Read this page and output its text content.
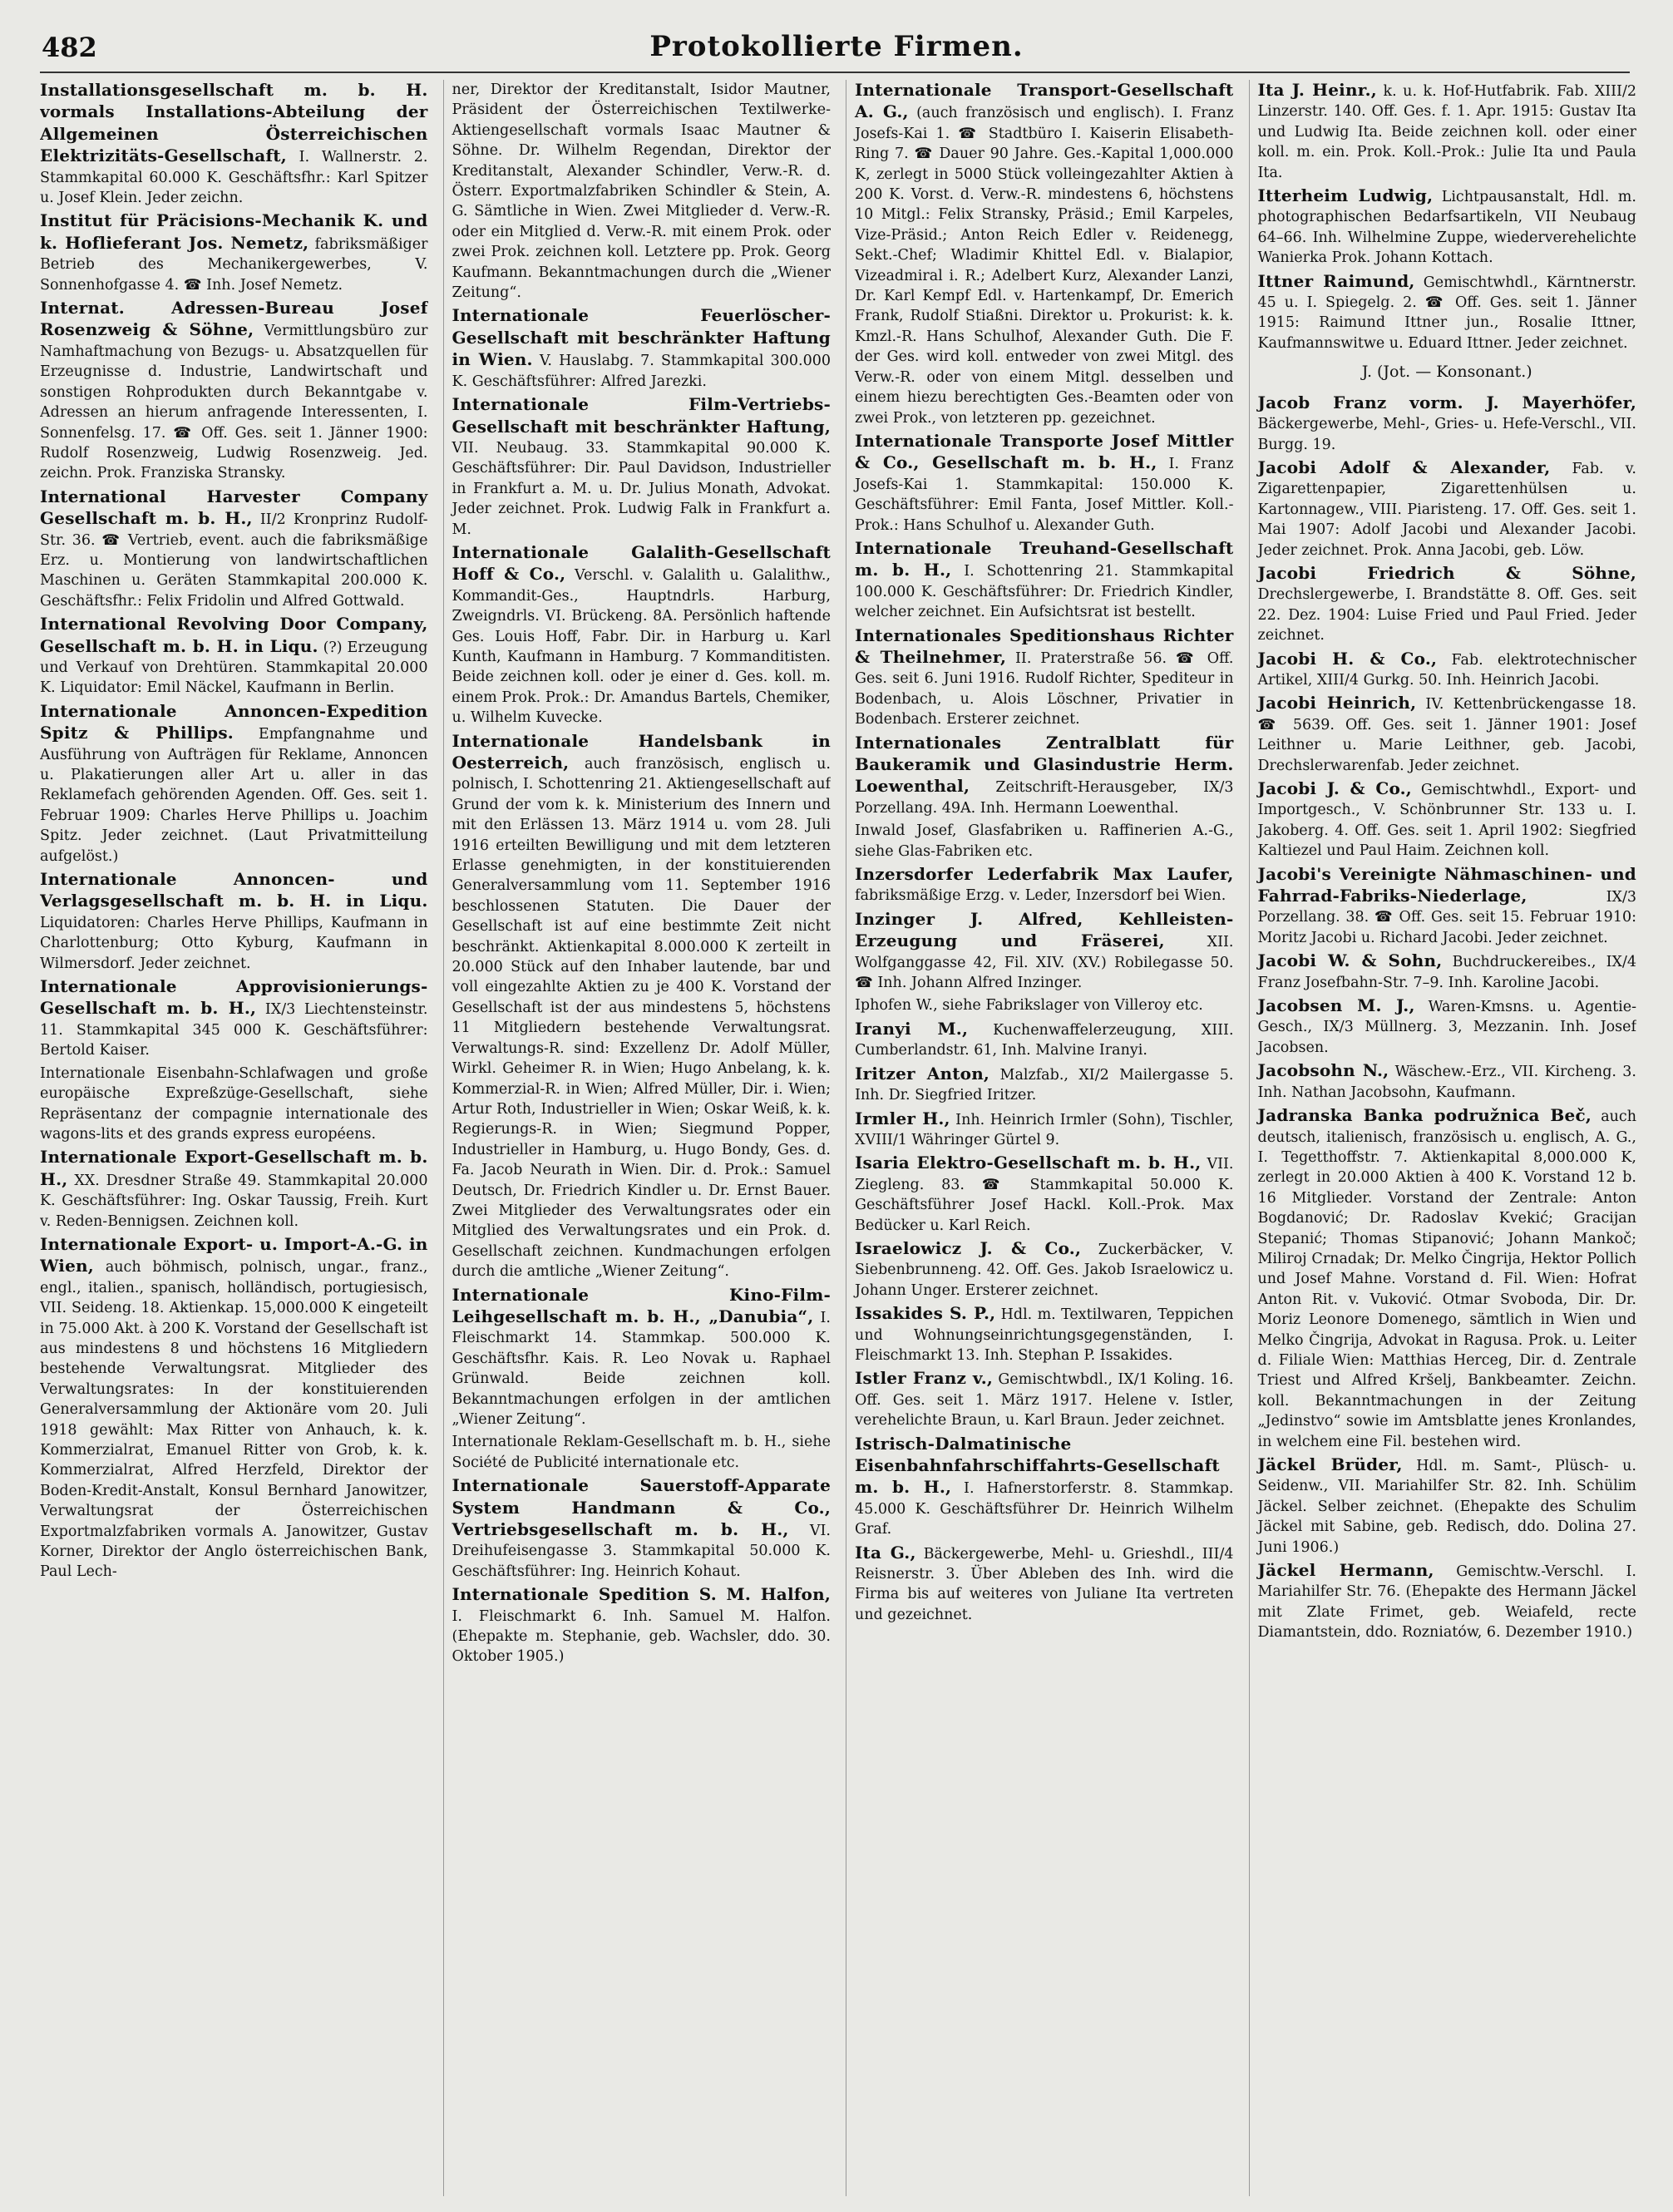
482	Protokollierte Firmen.
Installationsgesellschaft m. b. H. vormals Installations-Abteilung der Allgemeinen Österreichischen Elektrizitäts-Gesellschaft, I. Wallnerstr. 2. Stammkapital 60.000 K. Geschäftsfhr.: Karl Spitzer u. Josef Klein. Jeder zeichn.
Institut für Präcisions-Mechanik K. und k. Hoflieferant Jos. Nemetz, fabriksmäßiger Betrieb des Mechanikergewerbes, V. Sonnenhofgasse 4. ☎ Inh. Josef Nemetz.
Internat. Adressen-Bureau Josef Rosenzweig & Söhne, Vermittlungsbüro zur Namhaftmachung von Bezugs- u. Absatzquellen für Erzeugnisse d. Industrie, Landwirtschaft und sonstigen Rohprodukten durch Bekanntgabe v. Adressen an hierum anfragende Interessenten, I. Sonnenfelsg. 17. ☎ Off. Ges. seit 1. Jänner 1900: Rudolf Rosenzweig, Ludwig Rosenzweig. Jed. zeichn. Prok. Franziska Stransky.
International Harvester Company Gesellschaft m. b. H., II/2 Kronprinz Rudolf-Str. 36. ☎ Vertrieb, event. auch die fabriksmäßige Erz. u. Montierung von landwirtschaftlichen Maschinen u. Geräten Stammkapital 200.000 K. Geschäftsfhr.: Felix Fridolin und Alfred Gottwald.
International Revolving Door Company, Gesellschaft m. b. H. in Liqu. (?) Erzeugung und Verkauf von Drehtüren. Stammkapital 20.000 K. Liquidator: Emil Näckel, Kaufmann in Berlin.
Internationale Annoncen-Expedition Spitz & Phillips. Empfangnahme und Ausführung von Aufträgen für Reklame, Annoncen u. Plakatierungen aller Art u. aller in das Reklamefach gehörenden Agenden. Off. Ges. seit 1. Februar 1909: Charles Herve Phillips u. Joachim Spitz. Jeder zeichnet. (Laut Privatmitteilung aufgelöst.)
Internationale Annoncen- und Verlagsgesellschaft m. b. H. in Liqu. Liquidatoren: Charles Herve Phillips, Kaufmann in Charlottenburg; Otto Kyburg, Kaufmann in Wilmersdorf. Jeder zeichnet.
Internationale Approvisionierungs-Gesellschaft m. b. H., IX/3 Liechtensteinstr. 11. Stammkapital 345 000 K. Geschäftsführer: Bertold Kaiser.
Internationale Eisenbahn-Schlafwagen und große europäische Expreßzüge-Gesellschaft, siehe Repräsentanz der compagnie internationale des wagons-lits et des grands express européens.
Internationale Export-Gesellschaft m. b. H., XX. Dresdner Straße 49. Stammkapital 20.000 K. Geschäftsführer: Ing. Oskar Taussig, Freih. Kurt v. Reden-Bennigsen. Zeichnen koll.
Internationale Export- u. Import-A.-G. in Wien, auch böhmisch, polnisch, ungar., franz., engl., italien., spanisch, holländisch, portugiesisch, VII. Seideng. 18. Aktienkap. 15,000.000 K eingeteilt in 75.000 Akt. à 200 K. Vorstand der Gesellschaft ist aus mindestens 8 und höchstens 16 Mitgliedern bestehende Verwaltungsrat. Mitglieder des Verwaltungsrates: In der konstituierenden Generalversammlung der Aktionäre vom 20. Juli 1918 gewählt: Max Ritter von Anhauch, k. k. Kommerzialrat, Emanuel Ritter von Grob, k. k. Kommerzialrat, Alfred Herzfeld, Direktor der Boden-Kredit-Anstalt, Konsul Bernhard Janowitzer, Verwaltungsrat der Österreichischen Exportmalzfabriken vormals A. Janowitzer, Gustav Korner, Direktor der Anglo österreichischen Bank, Paul Lech-
ner, Direktor der Kreditanstalt, Isidor Mautner, Präsident der Österreichischen Textilwerke-Aktiengesellschaft vormals Isaac Mautner & Söhne. Dr. Wilhelm Regendan, Direktor der Kreditanstalt, Alexander Schindler, Verw.-R. d. Österr. Exportmalzfabriken Schindler & Stein, A. G. Sämtliche in Wien. Zwei Mitglieder d. Verw.-R. oder ein Mitglied d. Verw.-R. mit einem Prok. oder zwei Prok. zeichnen koll. Letztere pp. Prok. Georg Kaufmann. Bekanntmachungen durch die „Wiener Zeitung“.
Internationale Feuerlöscher-Gesellschaft mit beschränkter Haftung in Wien. V. Hauslabg. 7. Stammkapital 300.000 K. Geschäftsführer: Alfred Jarezki.
Internationale Film-Vertriebs-Gesellschaft mit beschränkter Haftung, VII. Neubaug. 33. Stammkapital 90.000 K. Geschäftsführer: Dir. Paul Davidson, Industrieller in Frankfurt a. M. u. Dr. Julius Monath, Advokat. Jeder zeichnet. Prok. Ludwig Falk in Frankfurt a. M.
Internationale Galalith-Gesellschaft Hoff & Co., Verschl. v. Galalith u. Galalithw., Kommandit-Ges., Hauptndrls. Harburg, Zweigndrls. VI. Brückeng. 8A. Persönlich haftende Ges. Louis Hoff, Fabr. Dir. in Harburg u. Karl Kunth, Kaufmann in Hamburg. 7 Kommanditisten. Beide zeichnen koll. oder je einer d. Ges. koll. m. einem Prok. Prok.: Dr. Amandus Bartels, Chemiker, u. Wilhelm Kuvecke.
Internationale Handelsbank in Oesterreich, auch französisch, englisch u. polnisch, I. Schottenring 21. Aktiengesellschaft auf Grund der vom k. k. Ministerium des Innern und mit den Erlässen 13. März 1914 u. vom 28. Juli 1916 erteilten Bewilligung und mit dem letzteren Erlasse genehmigten, in der konstituierenden Generalversammlung vom 11. September 1916 beschlossenen Statuten. Die Dauer der Gesellschaft ist auf eine bestimmte Zeit nicht beschränkt. Aktienkapital 8.000.000 K zerteilt in 20.000 Stück auf den Inhaber lautende, bar und voll eingezahlte Aktien zu je 400 K. Vorstand der Gesellschaft ist der aus mindestens 5, höchstens 11 Mitgliedern bestehende Verwaltungsrat. Verwaltungs-R. sind: Exzellenz Dr. Adolf Müller, Wirkl. Geheimer R. in Wien; Hugo Anbelang, k. k. Kommerzial-R. in Wien; Alfred Müller, Dir. i. Wien; Artur Roth, Industrieller in Wien; Oskar Weiß, k. k. Regierungs-R. in Wien; Siegmund Popper, Industrieller in Hamburg, u. Hugo Bondy, Ges. d. Fa. Jacob Neurath in Wien. Dir. d. Prok.: Samuel Deutsch, Dr. Friedrich Kindler u. Dr. Ernst Bauer. Zwei Mitglieder des Verwaltungsrates oder ein Mitglied des Verwaltungsrates und ein Prok. d. Gesellschaft zeichnen. Kundmachungen erfolgen durch die amtliche „Wiener Zeitung“.
Internationale Kino-Film-Leihgesellschaft m. b. H., „Danubia“, I. Fleischmarkt 14. Stammkap. 500.000 K. Geschäftsfhr. Kais. R. Leo Novak u. Raphael Grünwald. Beide zeichnen koll. Bekanntmachungen erfolgen in der amtlichen „Wiener Zeitung“.
Internationale Reklam-Gesellschaft m. b. H., siehe Société de Publicité internationale etc.
Internationale Sauerstoff-Apparate System Handmann & Co., Vertriebsgesellschaft m. b. H., VI. Dreihufeisengasse 3. Stammkapital 50.000 K. Geschäftsführer: Ing. Heinrich Kohaut.
Internationale Spedition S. M. Halfon, I. Fleischmarkt 6. Inh. Samuel M. Halfon. (Ehepakte m. Stephanie, geb. Wachsler, ddo. 30. Oktober 1905.)
Internationale Transport-Gesellschaft A. G., (auch französisch und englisch). I. Franz Josefs-Kai 1. ☎ Stadtbüro I. Kaiserin Elisabeth-Ring 7. ☎ Dauer 90 Jahre. Ges.-Kapital 1,000.000 K, zerlegt in 5000 Stück volleingezahlter Aktien à 200 K. Vorst. d. Verw.-R. mindestens 6, höchstens 10 Mitgl.: Felix Stransky, Präsid.; Emil Karpeles, Vize-Präsid.; Anton Reich Edler v. Reidenegg, Sekt.-Chef; Wladimir Khittel Edl. v. Bialapior, Vizeadmiral i. R.; Adelbert Kurz, Alexander Lanzi, Dr. Karl Kempf Edl. v. Hartenkampf, Dr. Emerich Frank, Rudolf Stiaßni. Direktor u. Prokurist: k. k. Kmzl.-R. Hans Schulhof, Alexander Guth. Die F. der Ges. wird koll. entweder von zwei Mitgl. des Verw.-R. oder von einem Mitgl. desselben und einem hiezu berechtigten Ges.-Beamten oder von zwei Prok., von letzteren pp. gezeichnet.
Internationale Transporte Josef Mittler & Co., Gesellschaft m. b. H., I. Franz Josefs-Kai 1. Stammkapital: 150.000 K. Geschäftsführer: Emil Fanta, Josef Mittler. Koll.-Prok.: Hans Schulhof u. Alexander Guth.
Internationale Treuhand-Gesellschaft m. b. H., I. Schottenring 21. Stammkapital 100.000 K. Geschäftsführer: Dr. Friedrich Kindler, welcher zeichnet. Ein Aufsichtsrat ist bestellt.
Internationales Speditionshaus Richter & Theilnehmer, II. Praterstraße 56. ☎ Off. Ges. seit 6. Juni 1916. Rudolf Richter, Spediteur in Bodenbach, u. Alois Löschner, Privatier in Bodenbach. Ersterer zeichnet.
Internationales Zentralblatt für Baukeramik und Glasindustrie Herm. Loewenthal, Zeitschrift-Herausgeber, IX/3 Porzellang. 49A. Inh. Hermann Loewenthal.
Inwald Josef, Glasfabriken u. Raffinerien A.-G., siehe Glas-Fabriken etc.
Inzersdorfer Lederfabrik Max Laufer, fabriksmäßige Erzg. v. Leder, Inzersdorf bei Wien.
Inzinger J. Alfred, Kehlleisten-Erzeugung und Fräserei,	XII. Wolfganggasse 42, Fil. XIV. (XV.) Robilegasse 50. ☎ Inh. Johann Alfred Inzinger.
Iphofen W., siehe Fabrikslager von Villeroy etc.
Iranyi M., Kuchenwaffelerzeugung, XIII. Cumberlandstr. 61, Inh. Malvine Iranyi.
Iritzer Anton, Malzfab., XI/2 Mailergasse 5. Inh. Dr. Siegfried Iritzer.
Irmler H., Inh. Heinrich Irmler (Sohn), Tischler, XVIII/1 Währinger Gürtel 9.
Isaria Elektro-Gesellschaft m. b. H., VII. Ziegleng. 83. ☎ Stammkapital 50.000 K. Geschäftsführer Josef Hackl. Koll.-Prok. Max Bedücker u. Karl Reich.
Israelowicz J. & Co., Zuckerbäcker, V. Siebenbrunneng. 42. Off. Ges. Jakob Israelowicz u. Johann Unger. Ersterer zeichnet.
Issakides S. P., Hdl. m. Textilwaren, Teppichen und Wohnungseinrichtungsgegenständen, I. Fleischmarkt 13. Inh. Stephan P. Issakides.
Istler Franz v., Gemischtwbdl., IX/1 Koling. 16. Off. Ges. seit 1. März 1917. Helene v. Istler, verehelichte Braun, u. Karl Braun. Jeder zeichnet.
Istrisch-Dalmatinische Eisenbahnfahrschiffahrts-Gesellschaft m. b. H., I. Hafnerstorferstr. 8. Stammkap. 45.000 K. Geschäftsführer Dr. Heinrich Wilhelm Graf.
Ita G., Bäckergewerbe, Mehl- u. Grieshdl., III/4 Reisnerstr. 3. Über Ableben des Inh. wird die Firma bis auf weiteres von Juliane Ita vertreten und gezeichnet.
Ita J. Heinr., k. u. k. Hof-Hutfabrik. Fab. XIII/2 Linzerstr. 140. Off. Ges. f. 1. Apr. 1915: Gustav Ita und Ludwig Ita. Beide zeichnen koll. oder einer koll. m. ein. Prok. Koll.-Prok.: Julie Ita und Paula Ita.
Itterheim Ludwig, Lichtpausanstalt, Hdl. m. photographischen Bedarfsartikeln, VII Neubaug 64–66. Inh. Wilhelmine Zuppe, wiederverehelichte Wanierka Prok. Johann Kottach.
Ittner Raimund, Gemischtwhdl., Kärntnerstr. 45 u. I. Spiegelg. 2. ☎ Off. Ges. seit 1. Jänner 1915: Raimund Ittner jun., Rosalie Ittner, Kaufmannswitwe u. Eduard Ittner. Jeder zeichnet.
J. (Jot. — Konsonant.)
Jacob Franz vorm. J. Mayerhöfer, Bäckergewerbe, Mehl-, Gries- u. Hefe-Verschl., VII. Burgg. 19.
Jacobi Adolf & Alexander, Fab. v. Zigarettenpapier, Zigarettenhülsen u. Kartonnagew., VIII. Piaristeng. 17. Off. Ges. seit 1. Mai 1907: Adolf Jacobi und Alexander Jacobi. Jeder zeichnet. Prok. Anna Jacobi, geb. Löw.
Jacobi Friedrich & Söhne, Drechslergewerbe, I. Brandstätte 8. Off. Ges. seit 22. Dez. 1904: Luise Fried und Paul Fried. Jeder zeichnet.
Jacobi H. & Co., Fab. elektrotechnischer Artikel, XIII/4 Gurkg. 50. Inh. Heinrich Jacobi.
Jacobi Heinrich, IV. Kettenbrückengasse 18. ☎ 5639. Off. Ges. seit 1. Jänner 1901: Josef Leithner u. Marie Leithner, geb. Jacobi, Drechslerwarenfab. Jeder zeichnet.
Jacobi J. & Co., Gemischtwhdl., Export- und Importgesch., V. Schönbrunner Str. 133 u. I. Jakoberg. 4. Off. Ges. seit 1. April 1902: Siegfried Kaltiezel und Paul Haim. Zeichnen koll.
Jacobi's Vereinigte Nähmaschinen- und Fahrrad-Fabriks-Niederlage,	IX/3 Porzellang. 38. ☎ Off. Ges. seit 15. Februar 1910: Moritz Jacobi u. Richard Jacobi. Jeder zeichnet.
Jacobi W. & Sohn, Buchdruckereibes., IX/4 Franz Josefbahn-Str. 7–9. Inh. Karoline Jacobi.
Jacobsen M. J., Waren-Kmsns. u. Agentie-Gesch., IX/3 Müllnerg. 3, Mezzanin. Inh. Josef Jacobsen.
Jacobsohn N., Wäschew.-Erz., VII. Kircheng. 3. Inh. Nathan Jacobsohn, Kaufmann.
Jadranska Banka podružnica Beč, auch deutsch, italienisch, französisch u. englisch, A. G., I. Tegetthoffstr. 7. Aktienkapital 8,000.000 K, zerlegt in 20.000 Aktien à 400 K. Vorstand 12 b. 16 Mitglieder. Vorstand der Zentrale: Anton Bogdanović; Dr. Radoslav Kvekić; Gracijan Stepanić; Thomas Stipanović; Johann Mankoč; Miliroj Crnadak; Dr. Melko Čingrija, Hektor Pollich und Josef Mahne. Vorstand d. Fil. Wien: Hofrat Anton Rit. v. Vuković. Otmar Svoboda, Dir. Dr. Moriz Leonore Domenego, sämtlich in Wien und Melko Čingrija, Advokat in Ragusa. Prok. u. Leiter d. Filiale Wien: Matthias Herceg, Dir. d. Zentrale Triest und Alfred Kršelj, Bankbeamter. Zeichn. koll. Bekanntmachungen in der Zeitung „Jedinstvo“ sowie im Amtsblatte jenes Kronlandes, in welchem eine Fil. bestehen wird.
Jäckel Brüder, Hdl. m. Samt-, Plüsch- u. Seidenw., VII. Mariahilfer Str. 82. Inh. Schülim Jäckel. Selber zeichnet. (Ehepakte des Schulim Jäckel mit Sabine, geb. Redisch, ddo. Dolina 27. Juni 1906.)
Jäckel Hermann, Gemischtw.-Verschl. I. Mariahilfer Str. 76. (Ehepakte des Hermann Jäckel mit Zlate Frimet, geb. Weiafeld, recte Diamantstein, ddo. Rozniatów, 6. Dezember 1910.)
